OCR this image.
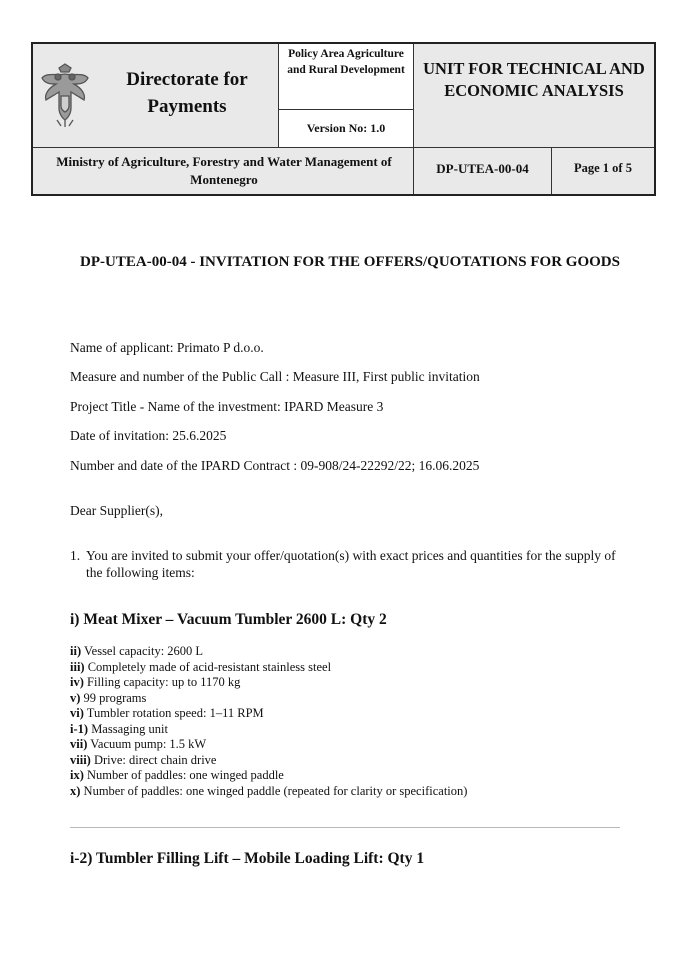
Directorate for Payments
Policy Area Agriculture and Rural Development
Version No: 1.0
UNIT FOR TECHNICAL AND ECONOMIC ANALYSIS
Ministry of Agriculture, Forestry and Water Management of Montenegro
DP-UTEA-00-04	Page 1 of 5
DP-UTEA-00-04 - INVITATION FOR THE OFFERS/QUOTATIONS FOR GOODS
Name of applicant: Primato P d.o.o.
Measure and number of the Public Call : Measure III, First public invitation
Project Title - Name of the investment: IPARD Measure 3
Date of invitation: 25.6.2025
Number and date of the IPARD Contract : 09-908/24-22292/22; 16.06.2025
Dear Supplier(s),
1. You are invited to submit your offer/quotation(s) with exact prices and quantities for the supply of the following items:
i) Meat Mixer – Vacuum Tumbler 2600 L: Qty 2
ii) Vessel capacity: 2600 L
iii) Completely made of acid-resistant stainless steel
iv) Filling capacity: up to 1170 kg
v) 99 programs
vi) Tumbler rotation speed: 1–11 RPM
i-1) Massaging unit
vii) Vacuum pump: 1.5 kW
viii) Drive: direct chain drive
ix) Number of paddles: one winged paddle
x) Number of paddles: one winged paddle (repeated for clarity or specification)
i-2) Tumbler Filling Lift – Mobile Loading Lift: Qty 1
